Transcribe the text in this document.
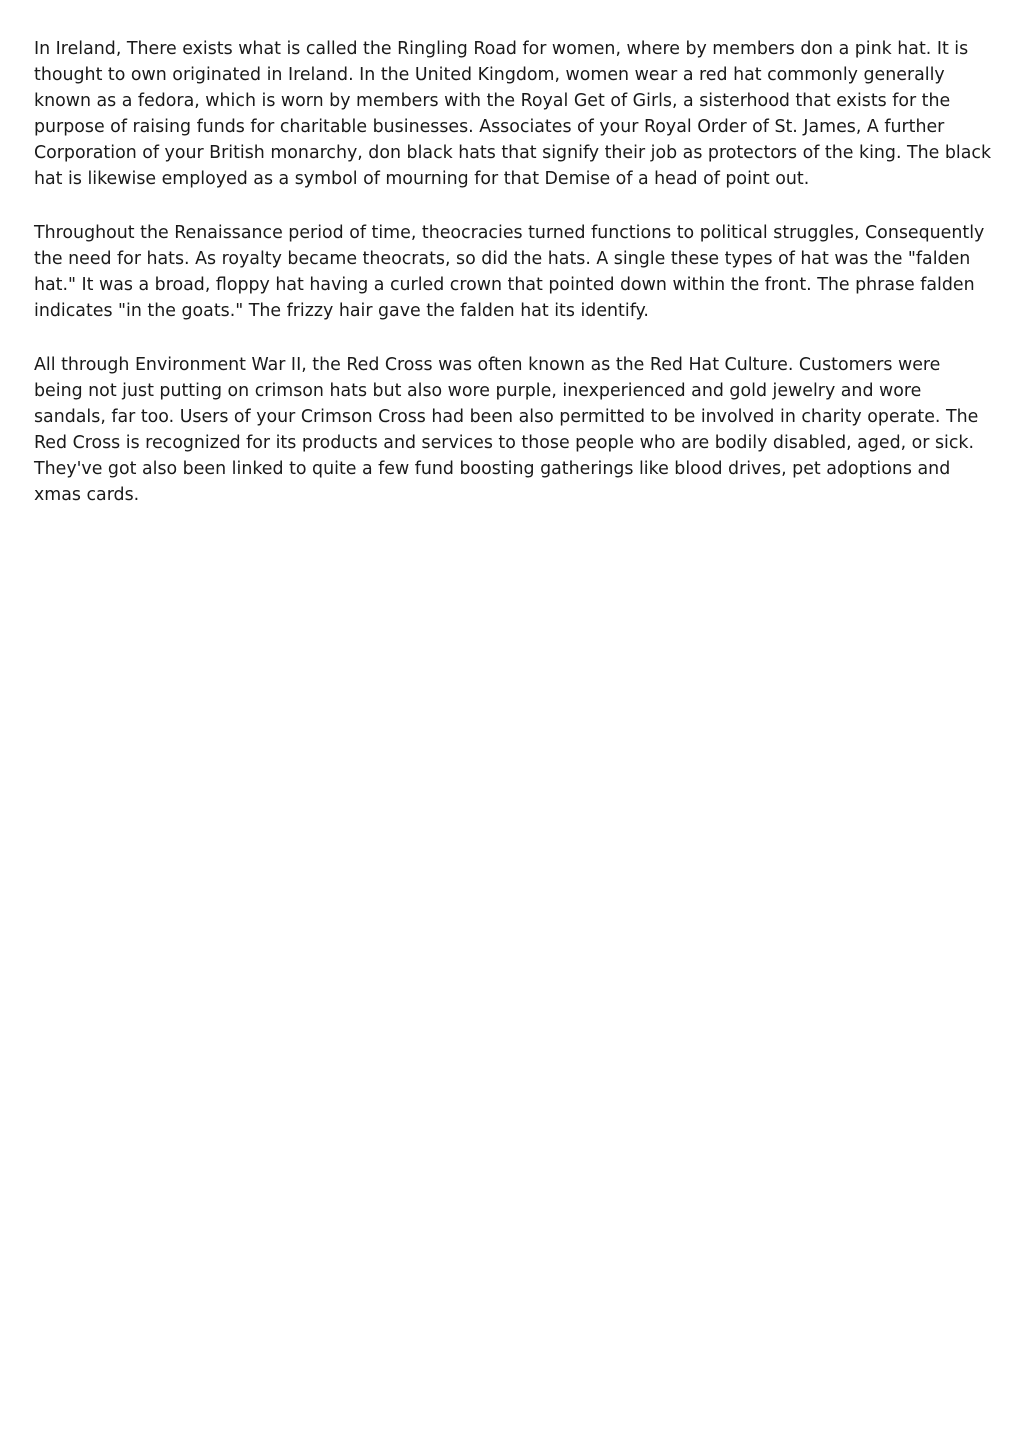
In Ireland, There exists what is called the Ringling Road for women, where by members don a pink hat. It is thought to own originated in Ireland. In the United Kingdom, women wear a red hat commonly generally known as a fedora, which is worn by members with the Royal Get of Girls, a sisterhood that exists for the purpose of raising funds for charitable businesses. Associates of your Royal Order of St. James, A further Corporation of your British monarchy, don black hats that signify their job as protectors of the king. The black hat is likewise employed as a symbol of mourning for that Demise of a head of point out.

Throughout the Renaissance period of time, theocracies turned functions to political struggles, Consequently the need for hats. As royalty became theocrats, so did the hats. A single these types of hat was the "falden hat." It was a broad, floppy hat having a curled crown that pointed down within the front. The phrase falden indicates "in the goats." The frizzy hair gave the falden hat its identify.

All through Environment War II, the Red Cross was often known as the Red Hat Culture. Customers were being not just putting on crimson hats but also wore purple, inexperienced and gold jewelry and wore sandals, far too. Users of your Crimson Cross had been also permitted to be involved in charity operate. The Red Cross is recognized for its products and services to those people who are bodily disabled, aged, or sick. They've got also been linked to quite a few fund boosting gatherings like blood drives, pet adoptions and xmas cards.
